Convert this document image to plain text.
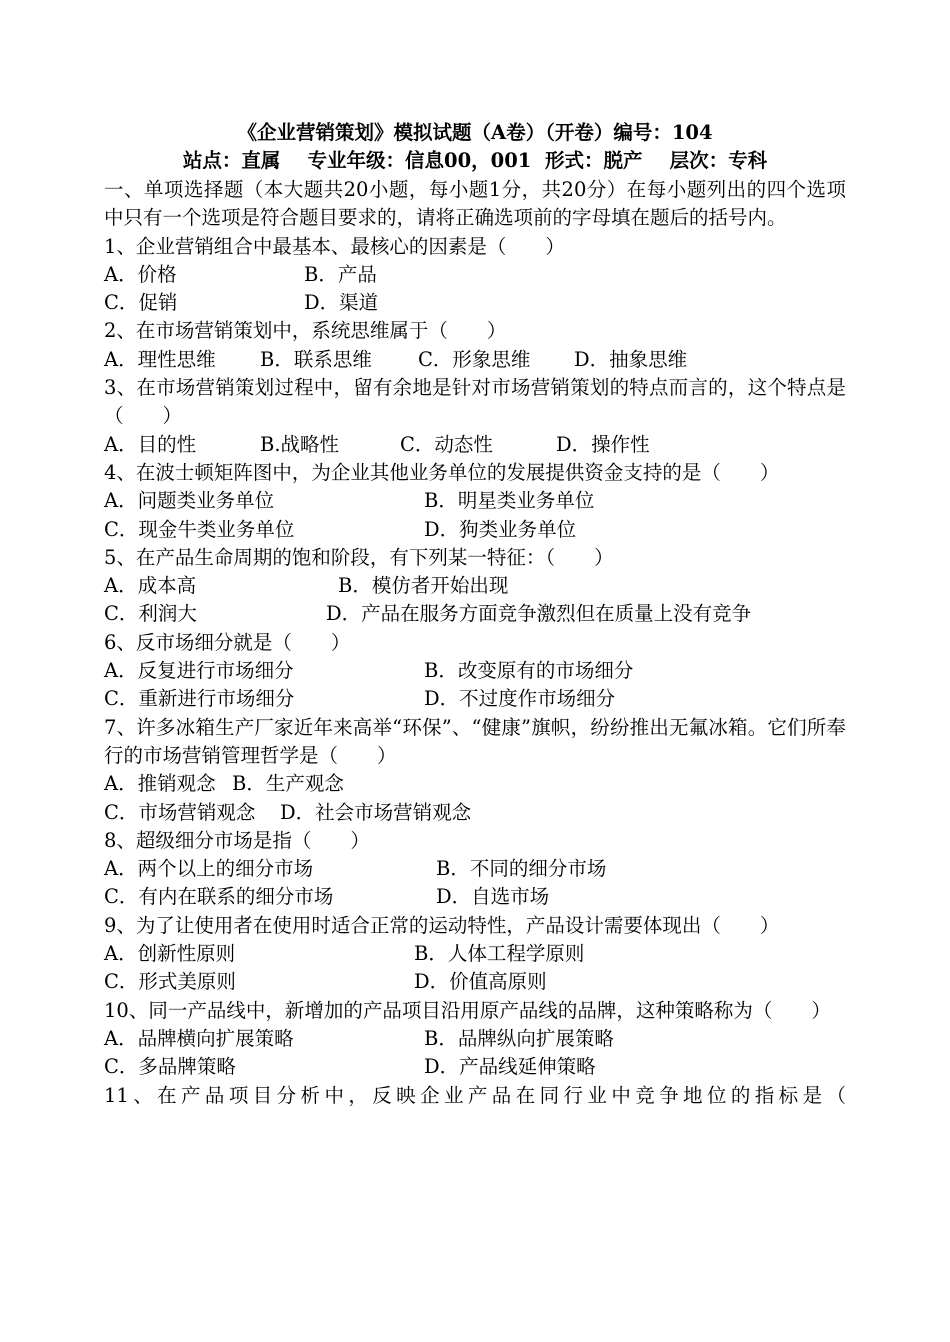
《企业营销策划》模拟试题（A卷）（开卷）编号：104
站点：直属    专业年级：信息00，001  形式：脱产    层次：专科
一、单项选择题（本大题共20小题，每小题1分，共20分）在每小题列出的四个选项中只有一个选项是符合题目要求的，请将正确选项前的字母填在题后的括号内。
1、企业营销组合中最基本、最核心的因素是（　　）
A．价格	B．产品
C．促销	D．渠道
2、在市场营销策划中，系统思维属于（　　）
A．理性思维	B．联系思维	C．形象思维	D．抽象思维
3、在市场营销策划过程中，留有余地是针对市场营销策划的特点而言的，这个特点是（　　）
A．目的性	B.战略性	C．动态性	D．操作性
4、在波士顿矩阵图中，为企业其他业务单位的发展提供资金支持的是（　　）
A．问题类业务单位	B．明星类业务单位
C．现金牛类业务单位	D．狗类业务单位
5、在产品生命周期的饱和阶段，有下列某一特征：（　　）
A．成本高	B．模仿者开始出现
C．利润大	D．产品在服务方面竞争激烈但在质量上没有竞争
6、反市场细分就是（　　）
A．反复进行市场细分	B．改变原有的市场细分
C．重新进行市场细分	D．不过度作市场细分
7、许多冰箱生产厂家近年来高举“环保”、“健康”旗帜，纷纷推出无氟冰箱。它们所奉行的市场营销管理哲学是（　　）
A．推销观念 B．生产观念
C．市场营销观念	D．社会市场营销观念
8、超级细分市场是指（　　）
A．两个以上的细分市场	B．不同的细分市场
C．有内在联系的细分市场	D．自选市场
9、为了让使用者在使用时适合正常的运动特性，产品设计需要体现出（　　）
A．创新性原则	B．人体工程学原则
C．形式美原则	D．价值高原则
10、同一产品线中，新增加的产品项目沿用原产品线的品牌，这种策略称为（　　）
A．品牌横向扩展策略	B．品牌纵向扩展策略
C．多品牌策略	D．产品线延伸策略
11、在产品项目分析中，反映企业产品在同行业中竞争地位的指标是（
